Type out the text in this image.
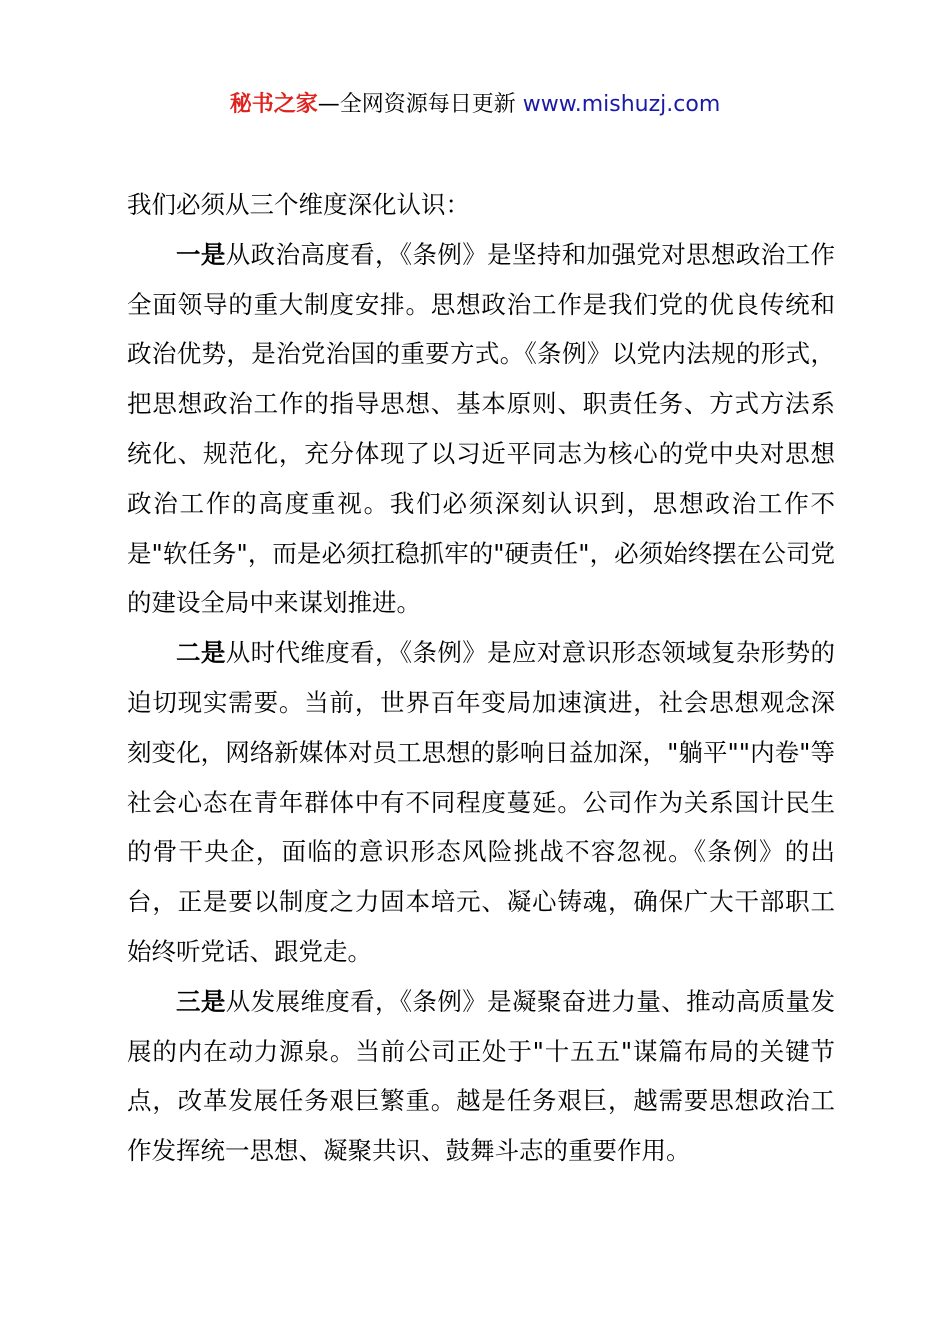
秘书之家—全网资源每日更新 www.mishuzj.com

我们必须从三个维度深化认识：

一是从政治高度看，《条例》是坚持和加强党对思想政治工作全面领导的重大制度安排。思想政治工作是我们党的优良传统和政治优势，是治党治国的重要方式。《条例》以党内法规的形式，把思想政治工作的指导思想、基本原则、职责任务、方式方法系统化、规范化，充分体现了以习近平同志为核心的党中央对思想政治工作的高度重视。我们必须深刻认识到，思想政治工作不是"软任务"，而是必须扛稳抓牢的"硬责任"，必须始终摆在公司党的建设全局中来谋划推进。

二是从时代维度看，《条例》是应对意识形态领域复杂形势的迫切现实需要。当前，世界百年变局加速演进，社会思想观念深刻变化，网络新媒体对员工思想的影响日益加深，"躺平""内卷"等社会心态在青年群体中有不同程度蔓延。公司作为关系国计民生的骨干央企，面临的意识形态风险挑战不容忽视。《条例》的出台，正是要以制度之力固本培元、凝心铸魂，确保广大干部职工始终听党话、跟党走。

三是从发展维度看，《条例》是凝聚奋进力量、推动高质量发展的内在动力源泉。当前公司正处于"十五五"谋篇布局的关键节点，改革发展任务艰巨繁重。越是任务艰巨，越需要思想政治工作发挥统一思想、凝聚共识、鼓舞斗志的重要作用。
